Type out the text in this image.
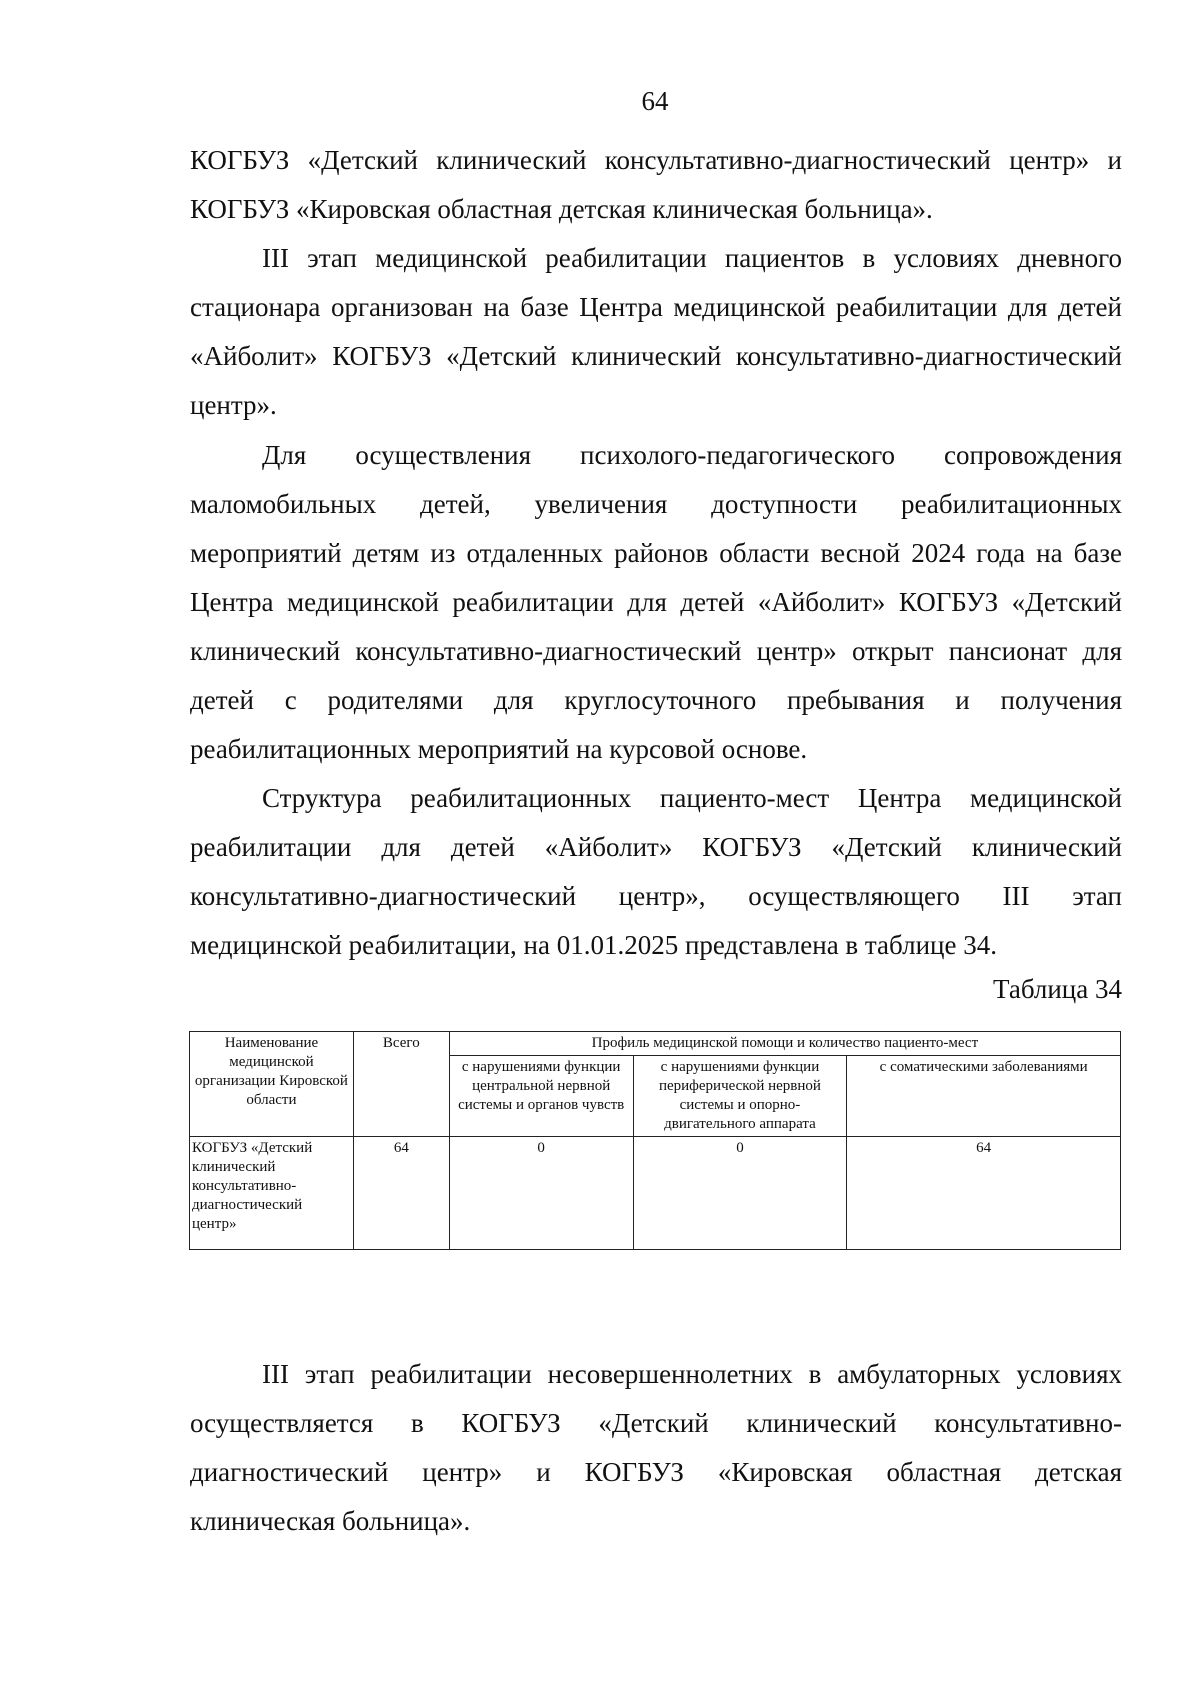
64
КОГБУЗ «Детский клинический консультативно-диагностический центр» и
КОГБУЗ «Кировская областная детская клиническая больница».
III этап медицинской реабилитации пациентов в условиях дневного
стационара организован на базе Центра медицинской реабилитации для детей
«Айболит» КОГБУЗ «Детский клинический консультативно-диагностический
центр».
Для осуществления психолого-педагогического сопровождения
маломобильных детей, увеличения доступности реабилитационных
мероприятий детям из отдаленных районов области весной 2024 года на базе
Центра медицинской реабилитации для детей «Айболит» КОГБУЗ «Детский
клинический консультативно-диагностический центр» открыт пансионат для
детей с родителями для круглосуточного пребывания и получения
реабилитационных мероприятий на курсовой основе.
Структура реабилитационных пациенто-мест Центра медицинской
реабилитации для детей «Айболит» КОГБУЗ «Детский клинический
консультативно-диагностический центр», осуществляющего III этап
медицинской реабилитации, на 01.01.2025 представлена в таблице 34.
Таблица 34
Наименование медицинской организации Кировской области	Всего	Профиль медицинской помощи и количество пациенто-мест		
		с нарушениями функции центральной нервной системы и органов чувств	с нарушениями функции периферической нервной системы и опорно-двигательного аппарата	с соматическими заболеваниями
КОГБУЗ «Детский клинический консультативно-диагностический центр»	64	0	0	64
III этап реабилитации несовершеннолетних в амбулаторных условиях
осуществляется в КОГБУЗ «Детский клинический консультативно-
диагностический центр» и КОГБУЗ «Кировская областная детская
клиническая больница».
